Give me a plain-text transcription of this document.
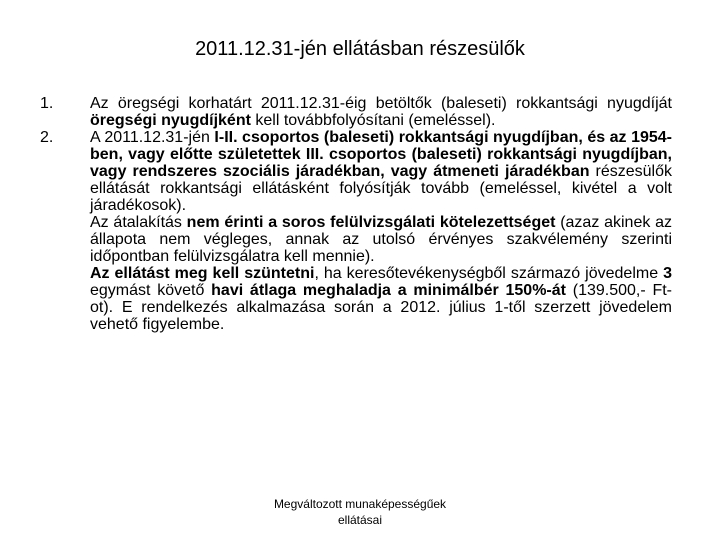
2011.12.31-jén ellátásban részesülők
1.	Az öregségi korhatárt 2011.12.31-éig betöltők (baleseti) rokkantsági nyugdíját öregségi nyugdíjként kell továbbfolyósítani (emeléssel).
2.	A 2011.12.31-jén I-II. csoportos (baleseti) rokkantsági nyugdíjban, és az 1954-ben, vagy előtte születettek III. csoportos (baleseti) rokkantsági nyugdíjban, vagy rendszeres szociális járadékban, vagy átmeneti járadékban részesülők ellátását rokkantsági ellátásként folyósítják tovább (emeléssel, kivétel a volt járadékosok).

Az átalakítás nem érinti a soros felülvizsgálati kötelezettséget (azaz akinek az állapota nem végleges, annak az utolsó érvényes szakvélemény szerinti időpontban felülvizsgálatra kell mennie).

Az ellátást meg kell szüntetni, ha keresőtevékenységből származó jövedelme 3 egymást követő havi átlaga meghaladja a minimálbér 150%-át (139.500,- Ft-ot). E rendelkezés alkalmazása során a 2012. július 1-től szerzett jövedelem vehető figyelembe.

Megváltozott munaképességűek
ellátásai
